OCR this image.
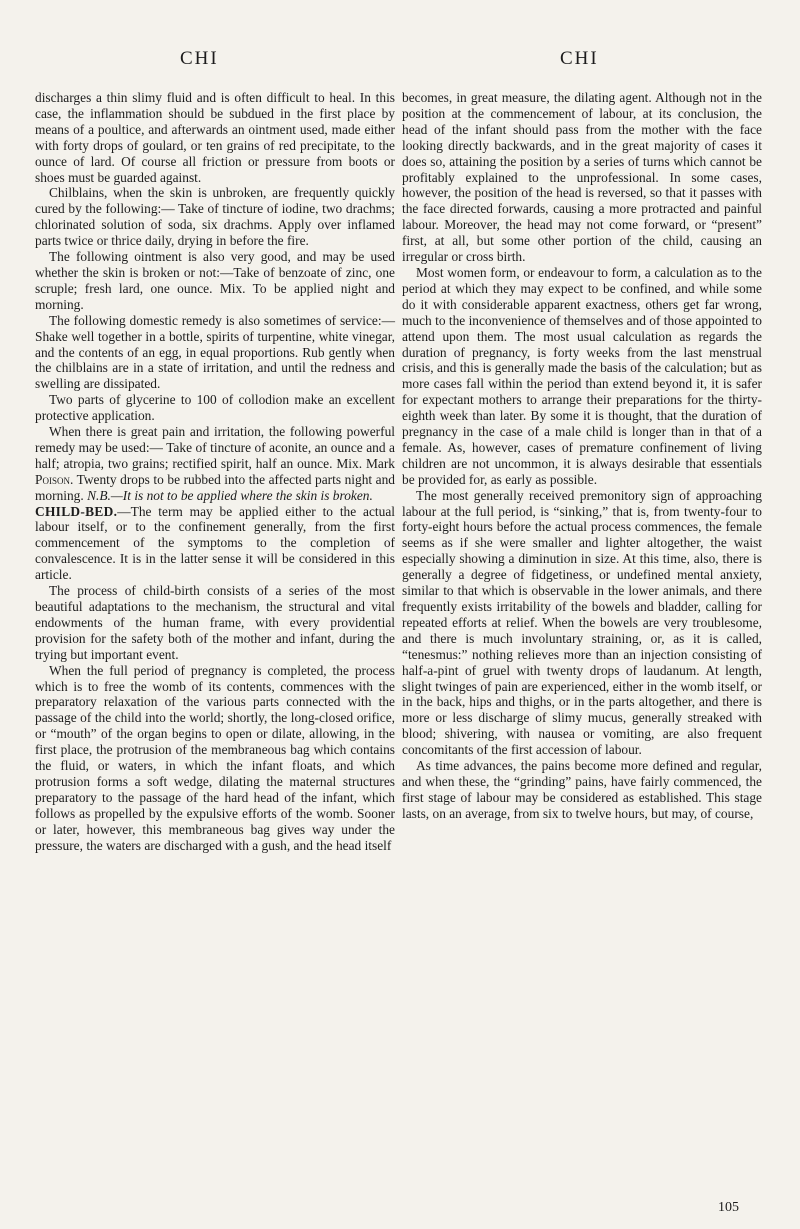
CHI	CHI

discharges a thin slimy fluid and is often difficult to heal. In this case, the inflammation should be subdued in the first place by means of a poultice, and afterwards an ointment used, made either with forty drops of goulard, or ten grains of red precipitate, to the ounce of lard. Of course all friction or pressure from boots or shoes must be guarded against.

Chilblains, when the skin is unbroken, are frequently quickly cured by the following:— Take of tincture of iodine, two drachms; chlorinated solution of soda, six drachms. Apply over inflamed parts twice or thrice daily, drying in before the fire.

The following ointment is also very good, and may be used whether the skin is broken or not:—Take of benzoate of zinc, one scruple; fresh lard, one ounce. Mix. To be applied night and morning.

The following domestic remedy is also sometimes of service:—Shake well together in a bottle, spirits of turpentine, white vinegar, and the contents of an egg, in equal proportions. Rub gently when the chilblains are in a state of irritation, and until the redness and swelling are dissipated.

Two parts of glycerine to 100 of collodion make an excellent protective application.

When there is great pain and irritation, the following powerful remedy may be used:— Take of tincture of aconite, an ounce and a half; atropia, two grains; rectified spirit, half an ounce. Mix. Mark Poison. Twenty drops to be rubbed into the affected parts night and morning. N.B.—It is not to be applied where the skin is broken.

CHILD-BED.—The term may be applied either to the actual labour itself, or to the confinement generally, from the first commencement of the symptoms to the completion of convalescence. It is in the latter sense it will be considered in this article.

The process of child-birth consists of a series of the most beautiful adaptations to the mechanism, the structural and vital endowments of the human frame, with every providential provision for the safety both of the mother and infant, during the trying but important event.

When the full period of pregnancy is completed, the process which is to free the womb of its contents, commences with the preparatory relaxation of the various parts connected with the passage of the child into the world; shortly, the long-closed orifice, or “mouth” of the organ begins to open or dilate, allowing, in the first place, the protrusion of the membraneous bag which contains the fluid, or waters, in which the infant floats, and which protrusion forms a soft wedge, dilating the maternal structures preparatory to the passage of the hard head of the infant, which follows as propelled by the expulsive efforts of the womb. Sooner or later, however, this membraneous bag gives way under the pressure, the waters are discharged with a gush, and the head itself

becomes, in great measure, the dilating agent. Although not in the position at the commencement of labour, at its conclusion, the head of the infant should pass from the mother with the face looking directly backwards, and in the great majority of cases it does so, attaining the position by a series of turns which cannot be profitably explained to the unprofessional. In some cases, however, the position of the head is reversed, so that it passes with the face directed forwards, causing a more protracted and painful labour. Moreover, the head may not come forward, or “present” first, at all, but some other portion of the child, causing an irregular or cross birth.

Most women form, or endeavour to form, a calculation as to the period at which they may expect to be confined, and while some do it with considerable apparent exactness, others get far wrong, much to the inconvenience of themselves and of those appointed to attend upon them. The most usual calculation as regards the duration of pregnancy, is forty weeks from the last menstrual crisis, and this is generally made the basis of the calculation; but as more cases fall within the period than extend beyond it, it is safer for expectant mothers to arrange their preparations for the thirty-eighth week than later. By some it is thought, that the duration of pregnancy in the case of a male child is longer than in that of a female. As, however, cases of premature confinement of living children are not uncommon, it is always desirable that essentials be provided for, as early as possible.

The most generally received premonitory sign of approaching labour at the full period, is “sinking,” that is, from twenty-four to forty-eight hours before the actual process commences, the female seems as if she were smaller and lighter altogether, the waist especially showing a diminution in size. At this time, also, there is generally a degree of fidgetiness, or undefined mental anxiety, similar to that which is observable in the lower animals, and there frequently exists irritability of the bowels and bladder, calling for repeated efforts at relief. When the bowels are very troublesome, and there is much involuntary straining, or, as it is called, “tenesmus:” nothing relieves more than an injection consisting of half-a-pint of gruel with twenty drops of laudanum. At length, slight twinges of pain are experienced, either in the womb itself, or in the back, hips and thighs, or in the parts altogether, and there is more or less discharge of slimy mucus, generally streaked with blood; shivering, with nausea or vomiting, are also frequent concomitants of the first accession of labour.

As time advances, the pains become more defined and regular, and when these, the “grinding” pains, have fairly commenced, the first stage of labour may be considered as established. This stage lasts, on an average, from six to twelve hours, but may, of course,

105
